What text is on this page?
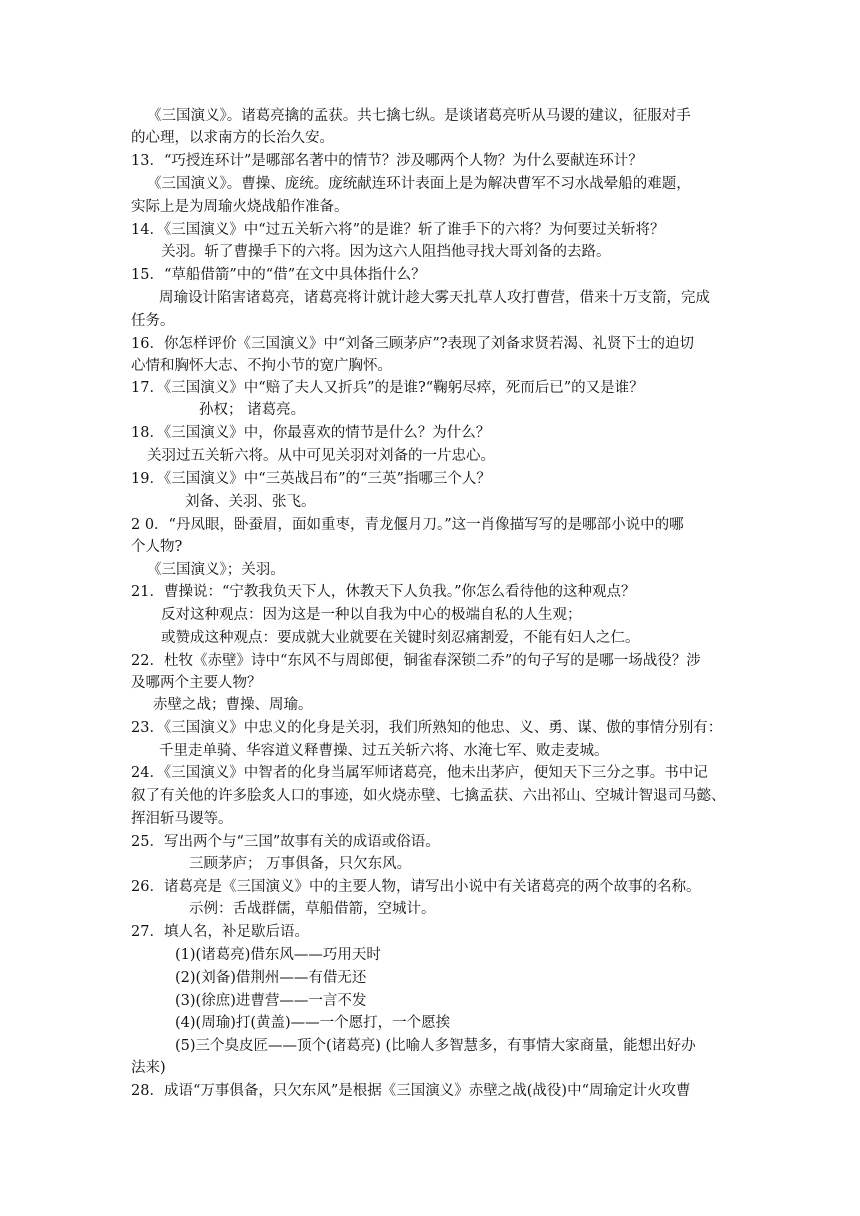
《三国演义》。诸葛亮擒的孟获。共七擒七纵。是谈诸葛亮听从马谡的建议，征服对手
的心理，以求南方的长治久安。
13．“巧授连环计”是哪部名著中的情节？涉及哪两个人物？为什么要献连环计？
《三国演义》。曹操、庞统。庞统献连环计表面上是为解决曹军不习水战晕船的难题，
实际上是为周瑜火烧战船作准备。
14．《三国演义》中“过五关斩六将”的是谁？斩了谁手下的六将？为何要过关斩将？
关羽。斩了曹操手下的六将。因为这六人阻挡他寻找大哥刘备的去路。
15．“草船借箭”中的“借”在文中具体指什么？
周瑜设计陷害诸葛亮，诸葛亮将计就计趁大雾天扎草人攻打曹营，借来十万支箭，完成
任务。
16．你怎样评价《三国演义》中“刘备三顾茅庐”?表现了刘备求贤若渴、礼贤下士的迫切
心情和胸怀大志、不拘小节的宽广胸怀。
17．《三国演义》中“赔了夫人又折兵”的是谁?“鞠躬尽瘁，死而后已”的又是谁？
孙权； 诸葛亮。
18．《三国演义》中，你最喜欢的情节是什么？为什么？
关羽过五关斩六将。从中可见关羽对刘备的一片忠心。
19．《三国演义》中“三英战吕布”的“三英”指哪三个人？
刘备、关羽、张飞。
2 0．“丹凤眼，卧蚕眉，面如重枣，青龙偃月刀。”这一肖像描写写的是哪部小说中的哪
个人物?
《三国演义》；关羽。
21．曹操说：“宁教我负天下人，休教天下人负我。”你怎么看待他的这种观点？
反对这种观点：因为这是一种以自我为中心的极端自私的人生观；
或赞成这种观点：要成就大业就要在关键时刻忍痛割爱，不能有妇人之仁。
22．杜牧《赤壁》诗中“东风不与周郎便，铜雀春深锁二乔”的句子写的是哪一场战役？涉
及哪两个主要人物？
赤壁之战；曹操、周瑜。
23．《三国演义》中忠义的化身是关羽，我们所熟知的他忠、义、勇、谋、傲的事情分别有：
千里走单骑、华容道义释曹操、过五关斩六将、水淹七军、败走麦城。
24．《三国演义》中智者的化身当属军师诸葛亮，他未出茅庐，便知天下三分之事。书中记
叙了有关他的许多脍炙人口的事迹，如火烧赤壁、七擒孟获、六出祁山、空城计智退司马懿、
挥泪斩马谡等。
25．写出两个与“三国”故事有关的成语或俗语。
三顾茅庐； 万事俱备，只欠东风。
26．诸葛亮是《三国演义》中的主要人物，请写出小说中有关诸葛亮的两个故事的名称。
示例：舌战群儒，草船借箭，空城计。
27．填人名，补足歇后语。
(1)(诸葛亮)借东风——巧用天时
(2)(刘备)借荆州——有借无还
(3)(徐庶)进曹营——一言不发
(4)(周瑜)打(黄盖)——一个愿打，一个愿挨
(5)三个臭皮匠——顶个(诸葛亮) (比喻人多智慧多，有事情大家商量，能想出好办
法来)
28．成语“万事俱备，只欠东风”是根据《三国演义》赤壁之战(战役)中“周瑜定计火攻曹
